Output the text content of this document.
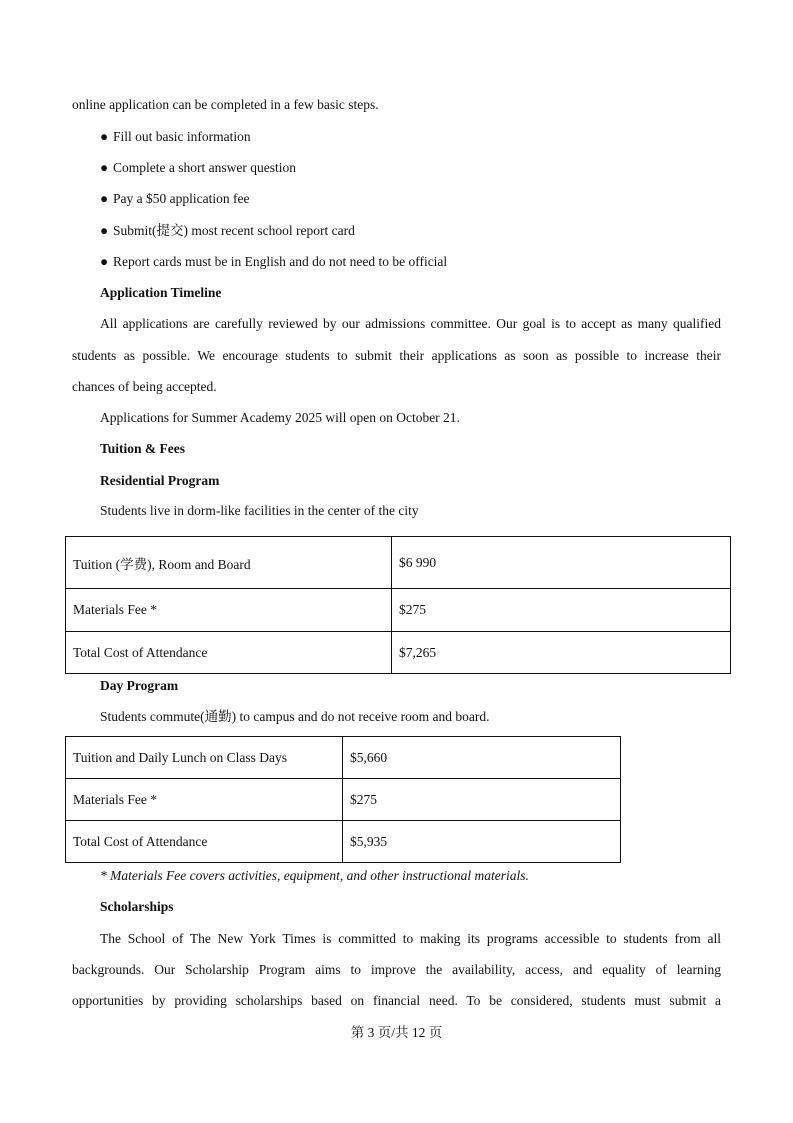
online application can be completed in a few basic steps.
● Fill out basic information
● Complete a short answer question
● Pay a $50 application fee
● Submit(提交) most recent school report card
● Report cards must be in English and do not need to be official
Application Timeline
All applications are carefully reviewed by our admissions committee. Our goal is to accept as many qualified
students as possible. We encourage students to submit their applications as soon as possible to increase their
chances of being accepted.
Applications for Summer Academy 2025 will open on October 21.
Tuition & Fees
Residential Program
Students live in dorm-like facilities in the center of the city
Tuition (学费), Room and Board	$6 990
Materials Fee *	$275
Total Cost of Attendance	$7,265
Day Program
Students commute(通勤) to campus and do not receive room and board.
Tuition and Daily Lunch on Class Days	$5,660
Materials Fee *	$275
Total Cost of Attendance	$5,935
* Materials Fee covers activities, equipment, and other instructional materials.
Scholarships
The School of The New York Times is committed to making its programs accessible to students from all
backgrounds. Our Scholarship Program aims to improve the availability, access, and equality of learning
opportunities by providing scholarships based on financial need. To be considered, students must submit a
第 3 页/共 12 页
